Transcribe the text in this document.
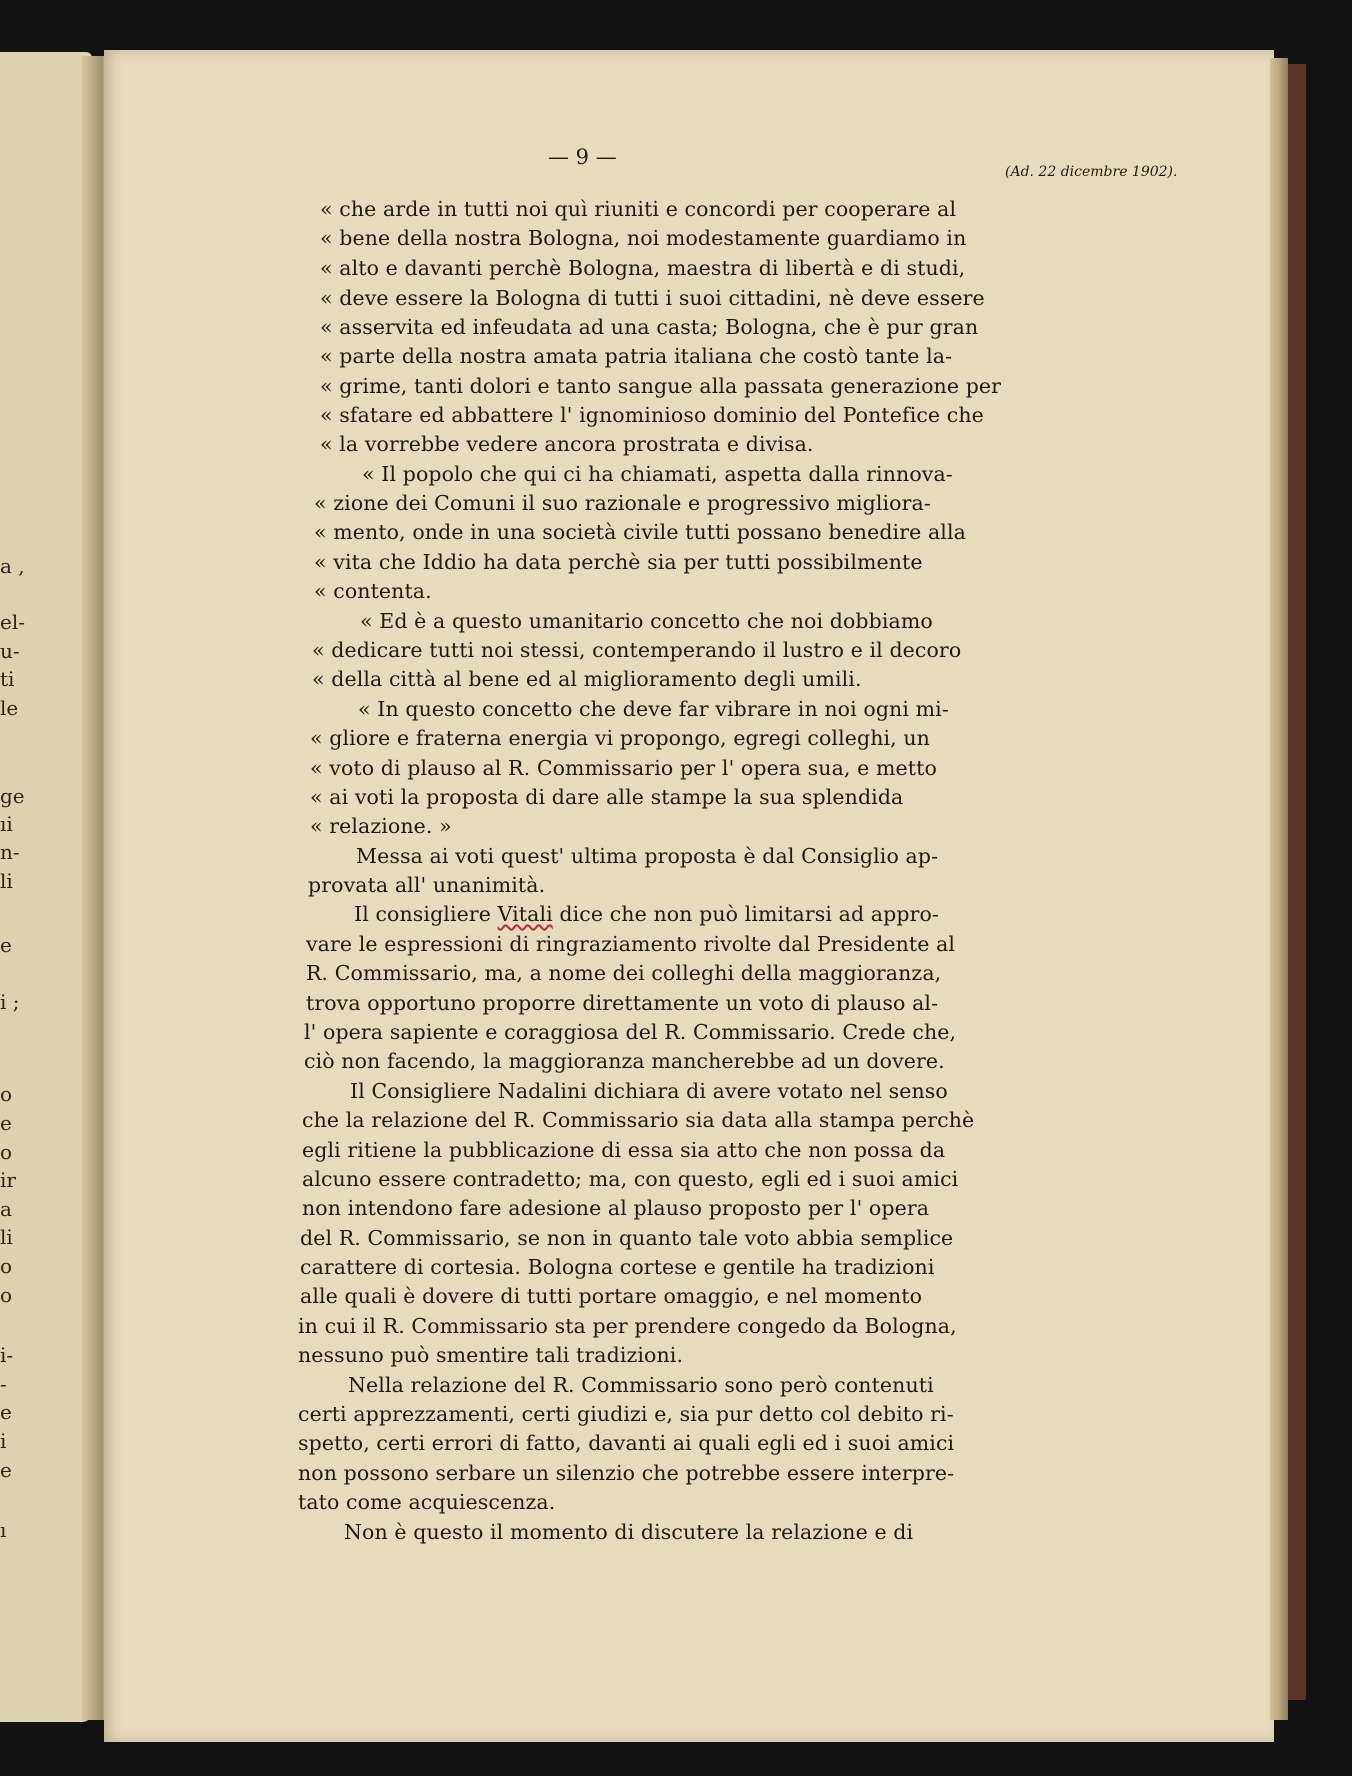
a ,
el-
u-
ti
le
ge
ıi
n-
li
e
i ;
o
e
o
ir
a
li
o
o
i-
-
e
i
e
ı
— 9 —
(Ad. 22 dicembre 1902).
« che arde in tutti noi quì riuniti e concordi per cooperare al
« bene della nostra Bologna, noi modestamente guardiamo in
« alto e davanti perchè Bologna, maestra di libertà e di studi,
« deve essere la Bologna di tutti i suoi cittadini, nè deve essere
« asservita ed infeudata ad una casta; Bologna, che è pur gran
« parte della nostra amata patria italiana che costò tante la-
« grime, tanti dolori e tanto sangue alla passata generazione per
« sfatare ed abbattere l' ignominioso dominio del Pontefice che
« la vorrebbe vedere ancora prostrata e divisa.
« Il popolo che qui ci ha chiamati, aspetta dalla rinnova-
« zione dei Comuni il suo razionale e progressivo migliora-
« mento, onde in una società civile tutti possano benedire alla
« vita che Iddio ha data perchè sia per tutti possibilmente
« contenta.
« Ed è a questo umanitario concetto che noi dobbiamo
« dedicare tutti noi stessi, contemperando il lustro e il decoro
« della città al bene ed al miglioramento degli umili.
« In questo concetto che deve far vibrare in noi ogni mi-
« gliore e fraterna energia vi propongo, egregi colleghi, un
« voto di plauso al R. Commissario per l' opera sua, e metto
« ai voti la proposta di dare alle stampe la sua splendida
« relazione. »
Messa ai voti quest' ultima proposta è dal Consiglio ap-
provata all' unanimità.
Il consigliere Vitali dice che non può limitarsi ad appro-
vare le espressioni di ringraziamento rivolte dal Presidente al
R. Commissario, ma, a nome dei colleghi della maggioranza,
trova opportuno proporre direttamente un voto di plauso al-
l' opera sapiente e coraggiosa del R. Commissario. Crede che,
ciò non facendo, la maggioranza mancherebbe ad un dovere.
Il Consigliere Nadalini dichiara di avere votato nel senso
che la relazione del R. Commissario sia data alla stampa perchè
egli ritiene la pubblicazione di essa sia atto che non possa da
alcuno essere contradetto; ma, con questo, egli ed i suoi amici
non intendono fare adesione al plauso proposto per l' opera
del R. Commissario, se non in quanto tale voto abbia semplice
carattere di cortesia. Bologna cortese e gentile ha tradizioni
alle quali è dovere di tutti portare omaggio, e nel momento
in cui il R. Commissario sta per prendere congedo da Bologna,
nessuno può smentire tali tradizioni.
Nella relazione del R. Commissario sono però contenuti
certi apprezzamenti, certi giudizi e, sia pur detto col debito ri-
spetto, certi errori di fatto, davanti ai quali egli ed i suoi amici
non possono serbare un silenzio che potrebbe essere interpre-
tato come acquiescenza.
Non è questo il momento di discutere la relazione e di
